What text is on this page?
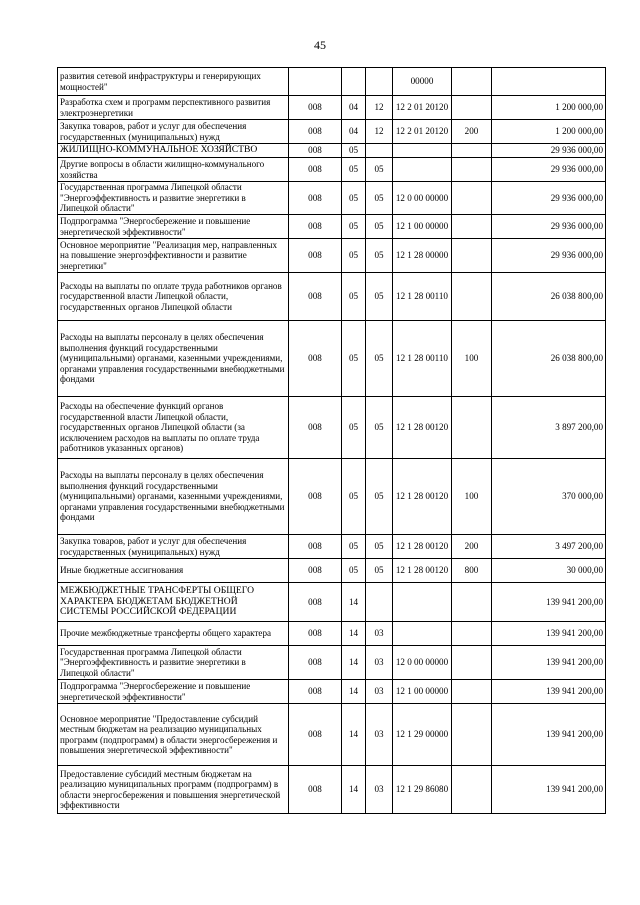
45
развития сетевой инфраструктуры и генерирующих мощностей"				00000		
Разработка схем и программ перспективного развития электроэнергетики	008	04	12	12 2 01 20120		1 200 000,00
Закупка товаров, работ и услуг для обеспечения государственных (муниципальных) нужд	008	04	12	12 2 01 20120	200	1 200 000,00
ЖИЛИЩНО-КОММУНАЛЬНОЕ ХОЗЯЙСТВО	008	05				29 936 000,00
Другие вопросы в области жилищно-коммунального хозяйства	008	05	05			29 936 000,00
Государственная программа Липецкой области "Энергоэффективность и развитие энергетики в Липецкой области"	008	05	05	12 0 00 00000		29 936 000,00
Подпрограмма "Энергосбережение и повышение энергетической эффективности"	008	05	05	12 1 00 00000		29 936 000,00
Основное мероприятие "Реализация мер, направленных на повышение энергоэффективности и развитие энергетики"	008	05	05	12 1 28 00000		29 936 000,00
Расходы на выплаты по оплате труда работников органов государственной власти Липецкой области, государственных органов Липецкой области	008	05	05	12 1 28 00110		26 038 800,00
Расходы на выплаты персоналу в целях обеспечения выполнения функций государственными (муниципальными) органами, казенными учреждениями, органами управления государственными внебюджетными фондами	008	05	05	12 1 28 00110	100	26 038 800,00
Расходы на обеспечение функций органов государственной власти Липецкой области, государственных органов Липецкой области (за исключением расходов на выплаты по оплате труда работников указанных органов)	008	05	05	12 1 28 00120		3 897 200,00
Расходы на выплаты персоналу в целях обеспечения выполнения функций государственными (муниципальными) органами, казенными учреждениями, органами управления государственными внебюджетными фондами	008	05	05	12 1 28 00120	100	370 000,00
Закупка товаров, работ и услуг для обеспечения государственных (муниципальных) нужд	008	05	05	12 1 28 00120	200	3 497 200,00
Иные бюджетные ассигнования	008	05	05	12 1 28 00120	800	30 000,00
МЕЖБЮДЖЕТНЫЕ ТРАНСФЕРТЫ ОБЩЕГО ХАРАКТЕРА БЮДЖЕТАМ БЮДЖЕТНОЙ СИСТЕМЫ РОССИЙСКОЙ ФЕДЕРАЦИИ	008	14				139 941 200,00
Прочие межбюджетные трансферты общего характера	008	14	03			139 941 200,00
Государственная программа Липецкой области "Энергоэффективность и развитие энергетики в Липецкой области"	008	14	03	12 0 00 00000		139 941 200,00
Подпрограмма "Энергосбережение и повышение энергетической эффективности"	008	14	03	12 1 00 00000		139 941 200,00
Основное мероприятие "Предоставление субсидий местным бюджетам на реализацию муниципальных программ (подпрограмм) в области энергосбережения и повышения энергетической эффективности"	008	14	03	12 1 29 00000		139 941 200,00
Предоставление субсидий местным бюджетам на реализацию муниципальных программ (подпрограмм) в области энергосбережения и повышения энергетической эффективности	008	14	03	12 1 29 86080		139 941 200,00
